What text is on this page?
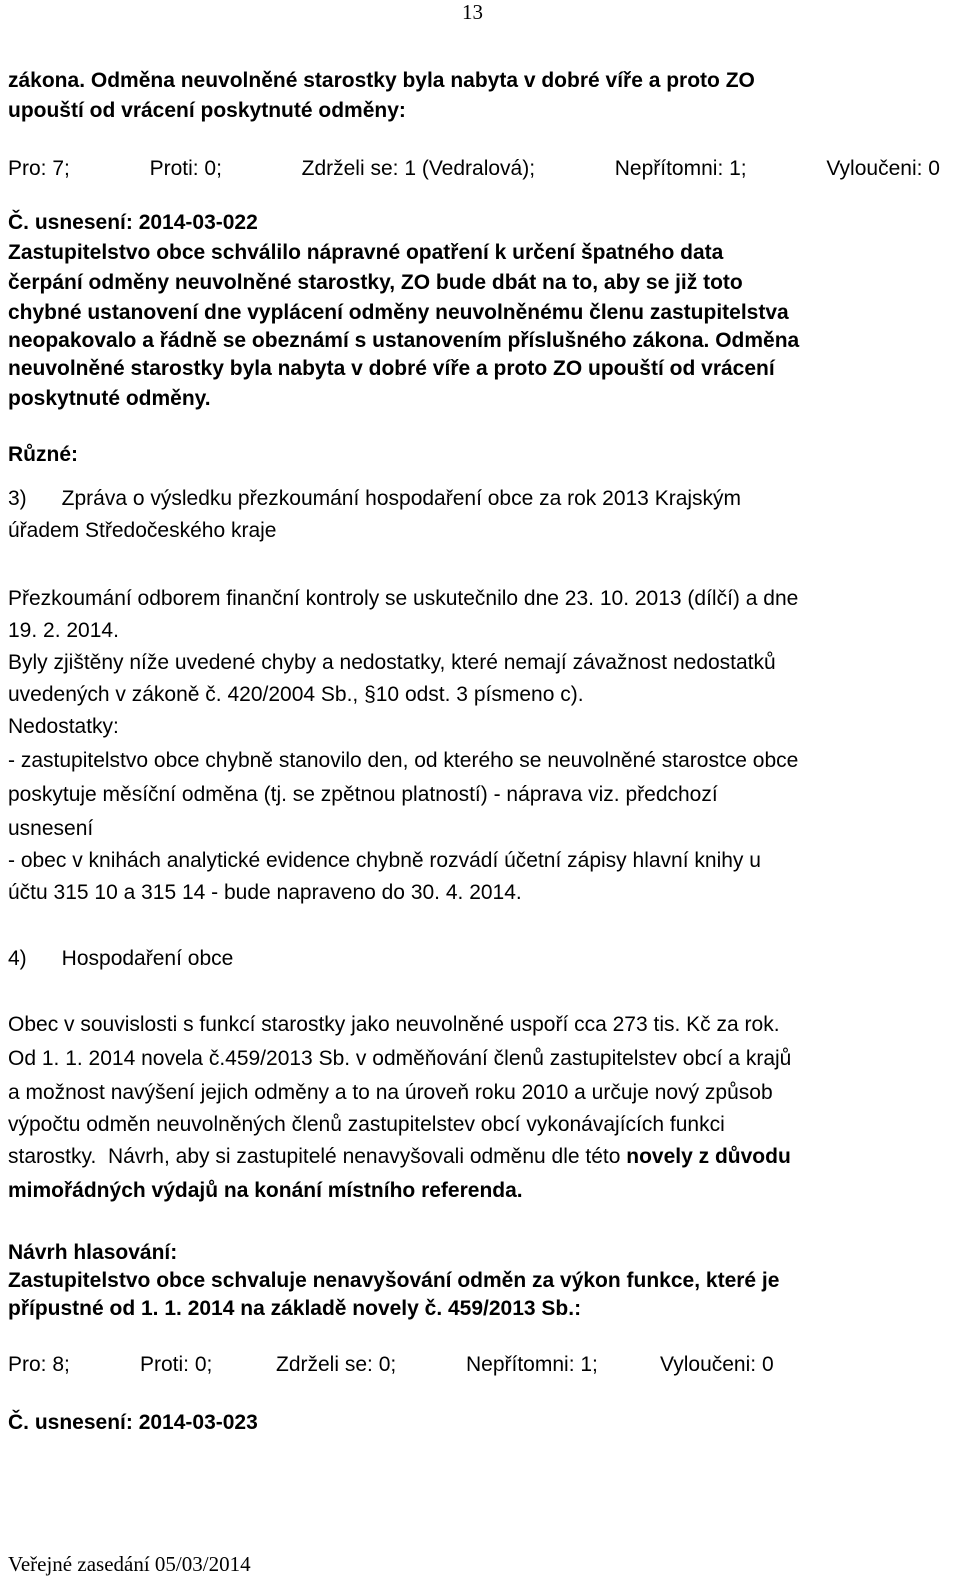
13
zákona. Odměna neuvolněné starostky byla nabyta v dobré víře a proto ZO
upouští od vrácení poskytnuté odměny:
Pro: 7;	Proti: 0;	Zdrželi se: 1 (Vedralová);	Nepřítomni: 1;	Vyloučeni: 0
Č. usnesení: 2014-03-022
Zastupitelstvo obce schválilo nápravné opatření k určení špatného data
čerpání odměny neuvolněné starostky, ZO bude dbát na to, aby se již toto
chybné ustanovení dne vyplácení odměny neuvolněnému členu zastupitelstva
neopakovalo a řádně se obeznámí s ustanovením příslušného zákona. Odměna
neuvolněné starostky byla nabyta v dobré víře a proto ZO upouští od vrácení
poskytnuté odměny.
Různé:
3)      Zpráva o výsledku přezkoumání hospodaření obce za rok 2013 Krajským
úřadem Středočeského kraje
Přezkoumání odborem finanční kontroly se uskutečnilo dne 23. 10. 2013 (dílčí) a dne
19. 2. 2014.
Byly zjištěny níže uvedené chyby a nedostatky, které nemají závažnost nedostatků
uvedených v zákoně č. 420/2004 Sb., §10 odst. 3 písmeno c).
Nedostatky:
- zastupitelstvo obce chybně stanovilo den, od kterého se neuvolněné starostce obce
poskytuje měsíční odměna (tj. se zpětnou platností) - náprava viz. předchozí
usnesení
- obec v knihách analytické evidence chybně rozvádí účetní zápisy hlavní knihy u
účtu 315 10 a 315 14 - bude napraveno do 30. 4. 2014.
4)      Hospodaření obce
Obec v souvislosti s funkcí starostky jako neuvolněné uspoří cca 273 tis. Kč za rok.
Od 1. 1. 2014 novela č.459/2013 Sb. v odměňování členů zastupitelstev obcí a krajů
a možnost navýšení jejich odměny a to na úroveň roku 2010 a určuje nový způsob
výpočtu odměn neuvolněných členů zastupitelstev obcí vykonávajících funkci
starostky.  Návrh, aby si zastupitelé nenavyšovali odměnu dle této novely z důvodu
mimořádných výdajů na konání místního referenda.
Návrh hlasování:
Zastupitelstvo obce schvaluje nenavyšování odměn za výkon funkce, které je
přípustné od 1. 1. 2014 na základě novely č. 459/2013 Sb.:
Pro: 8;	Proti: 0;	Zdrželi se: 0;	Nepřítomni: 1;	Vyloučeni: 0
Č. usnesení: 2014-03-023
Veřejné zasedání 05/03/2014
